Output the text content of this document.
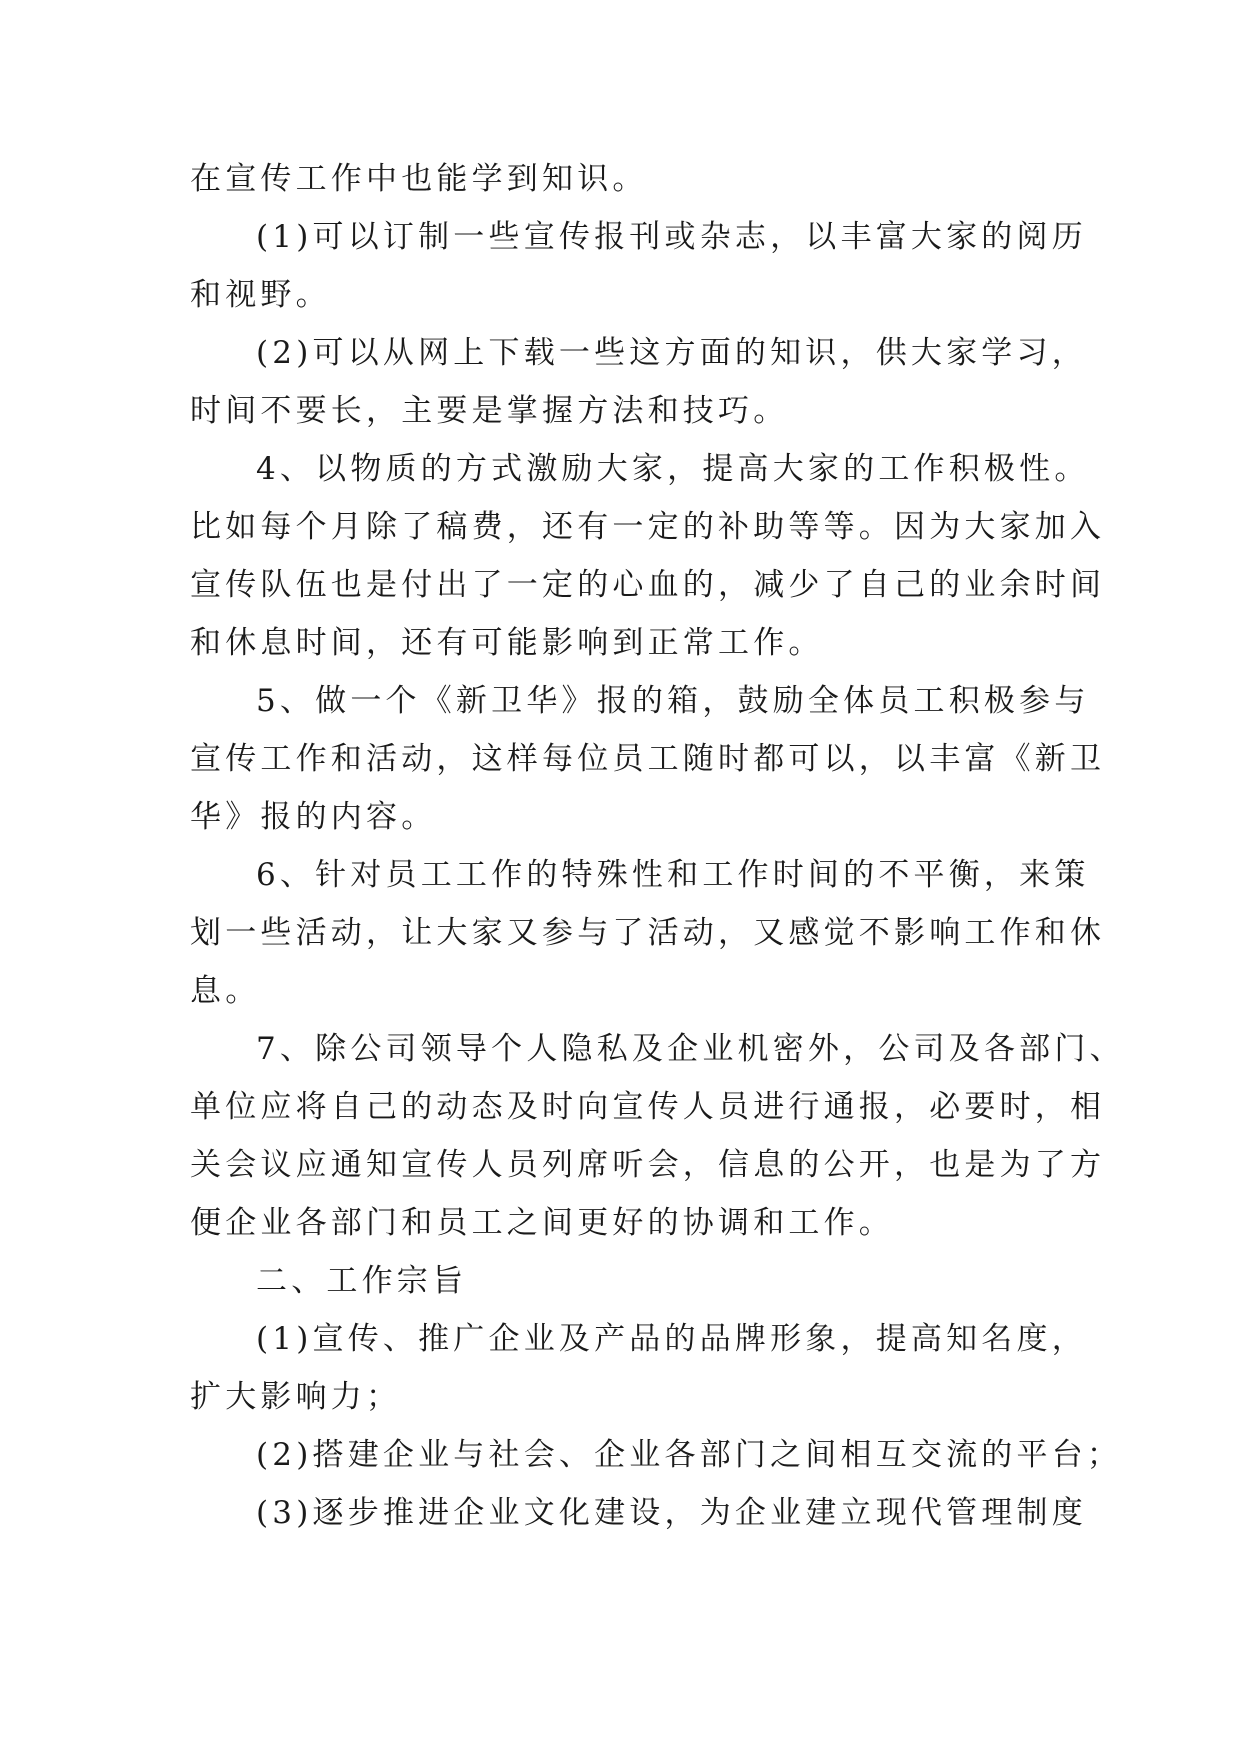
在宣传工作中也能学到知识。
(1)可以订制一些宣传报刊或杂志，以丰富大家的阅历
和视野。
(2)可以从网上下载一些这方面的知识，供大家学习，
时间不要长，主要是掌握方法和技巧。
4、以物质的方式激励大家，提高大家的工作积极性。
比如每个月除了稿费，还有一定的补助等等。因为大家加入
宣传队伍也是付出了一定的心血的，减少了自己的业余时间
和休息时间，还有可能影响到正常工作。
5、做一个《新卫华》报的箱，鼓励全体员工积极参与
宣传工作和活动，这样每位员工随时都可以，以丰富《新卫
华》报的内容。
6、针对员工工作的特殊性和工作时间的不平衡，来策
划一些活动，让大家又参与了活动，又感觉不影响工作和休
息。
7、除公司领导个人隐私及企业机密外，公司及各部门、
单位应将自己的动态及时向宣传人员进行通报，必要时，相
关会议应通知宣传人员列席听会，信息的公开，也是为了方
便企业各部门和员工之间更好的协调和工作。
二、工作宗旨
(1)宣传、推广企业及产品的品牌形象，提高知名度，
扩大影响力；
(2)搭建企业与社会、企业各部门之间相互交流的平台；
(3)逐步推进企业文化建设，为企业建立现代管理制度
